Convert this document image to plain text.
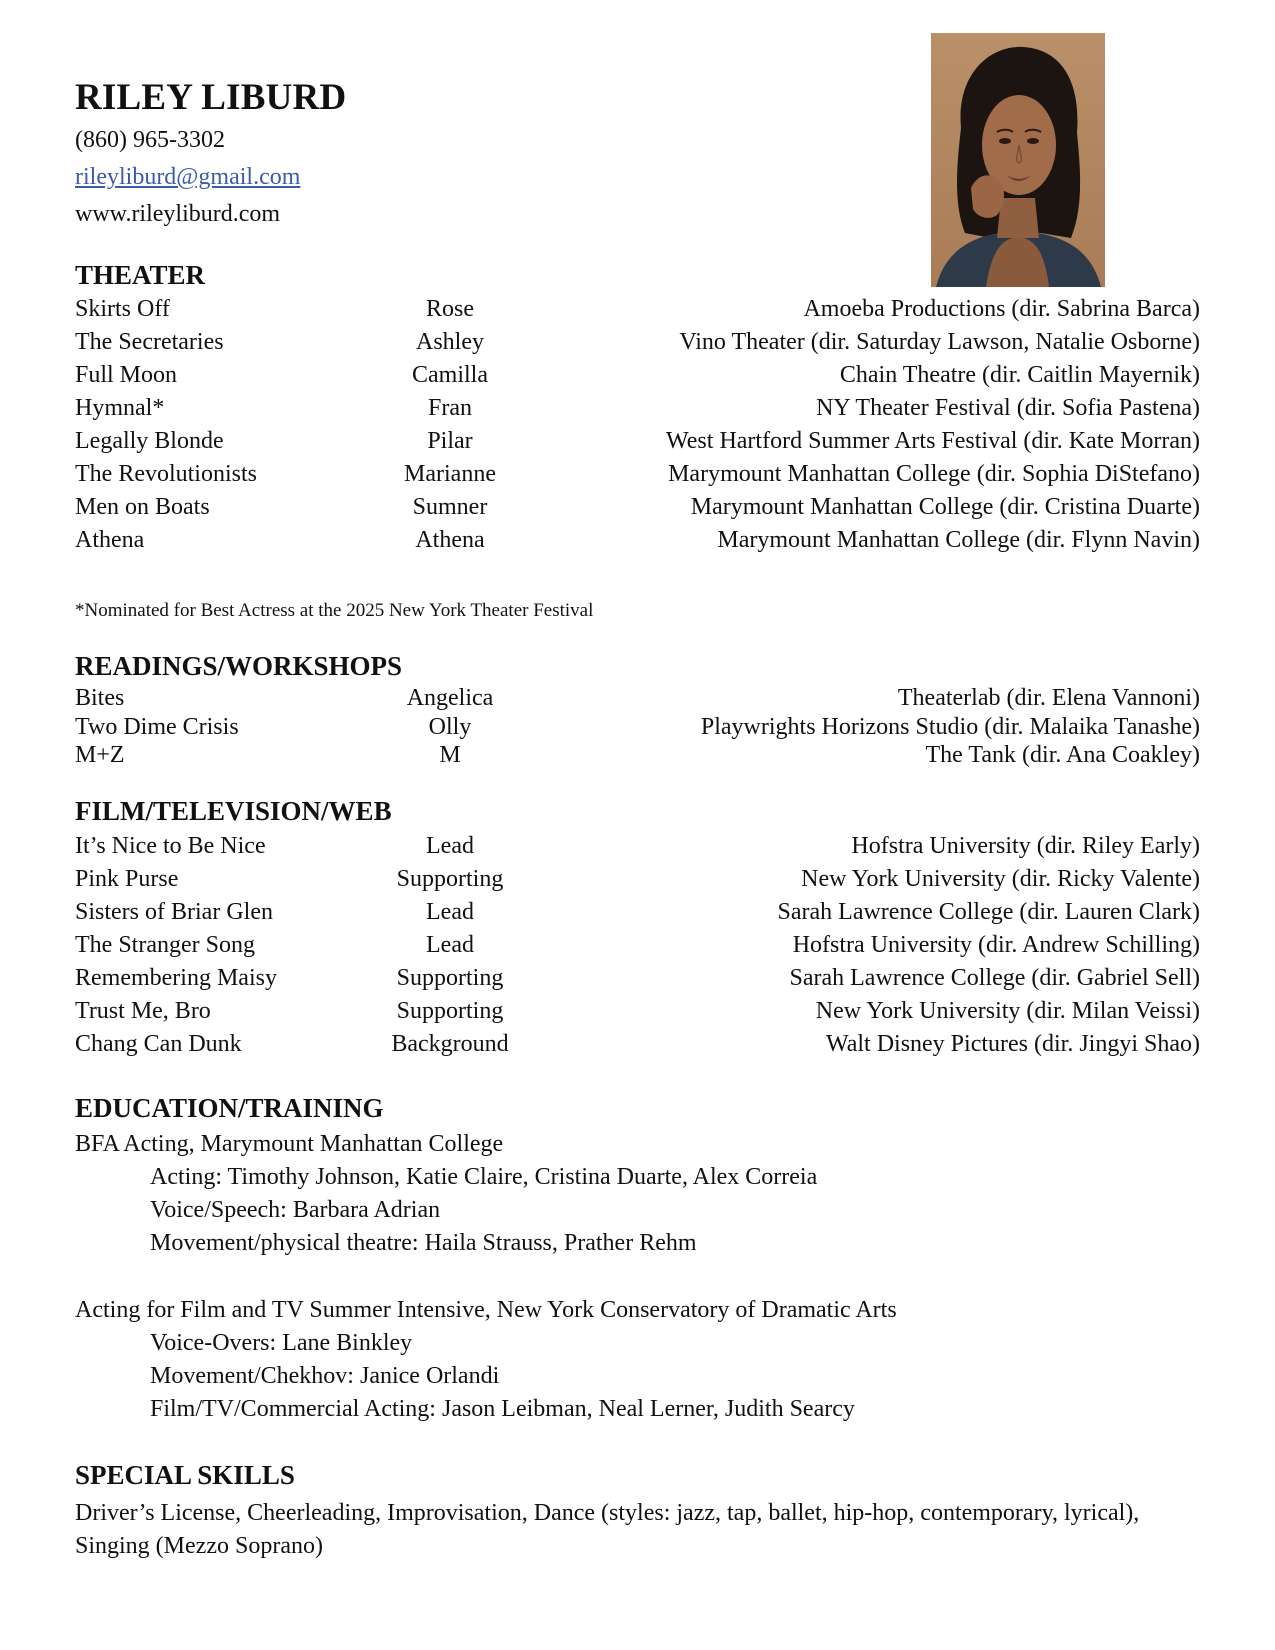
RILEY LIBURD
(860) 965-3302
rileyliburd@gmail.com
www.rileyliburd.com
THEATER
Skirts Off	Rose	Amoeba Productions (dir. Sabrina Barca)
The Secretaries	Ashley	Vino Theater (dir. Saturday Lawson, Natalie Osborne)
Full Moon	Camilla	Chain Theatre (dir. Caitlin Mayernik)
Hymnal*	Fran	NY Theater Festival (dir. Sofia Pastena)
Legally Blonde	Pilar	West Hartford Summer Arts Festival (dir. Kate Morran)
The Revolutionists	Marianne	Marymount Manhattan College (dir. Sophia DiStefano)
Men on Boats	Sumner	Marymount Manhattan College (dir. Cristina Duarte)
Athena	Athena	Marymount Manhattan College (dir. Flynn Navin)
*Nominated for Best Actress at the 2025 New York Theater Festival
READINGS/WORKSHOPS
Bites	Angelica	Theaterlab (dir. Elena Vannoni)
Two Dime Crisis	Olly	Playwrights Horizons Studio (dir. Malaika Tanashe)
M+Z	M	The Tank (dir. Ana Coakley)
FILM/TELEVISION/WEB
It’s Nice to Be Nice	Lead	Hofstra University (dir. Riley Early)
Pink Purse	Supporting	New York University (dir. Ricky Valente)
Sisters of Briar Glen	Lead	Sarah Lawrence College (dir. Lauren Clark)
The Stranger Song	Lead	Hofstra University (dir. Andrew Schilling)
Remembering Maisy	Supporting	Sarah Lawrence College (dir. Gabriel Sell)
Trust Me, Bro	Supporting	New York University (dir. Milan Veissi)
Chang Can Dunk	Background	Walt Disney Pictures (dir. Jingyi Shao)
EDUCATION/TRAINING
BFA Acting, Marymount Manhattan College
Acting: Timothy Johnson, Katie Claire, Cristina Duarte, Alex Correia
Voice/Speech: Barbara Adrian
Movement/physical theatre: Haila Strauss, Prather Rehm
Acting for Film and TV Summer Intensive, New York Conservatory of Dramatic Arts
Voice-Overs: Lane Binkley
Movement/Chekhov: Janice Orlandi
Film/TV/Commercial Acting: Jason Leibman, Neal Lerner, Judith Searcy
SPECIAL SKILLS
Driver’s License, Cheerleading, Improvisation, Dance (styles: jazz, tap, ballet, hip-hop, contemporary, lyrical), Singing (Mezzo Soprano)
